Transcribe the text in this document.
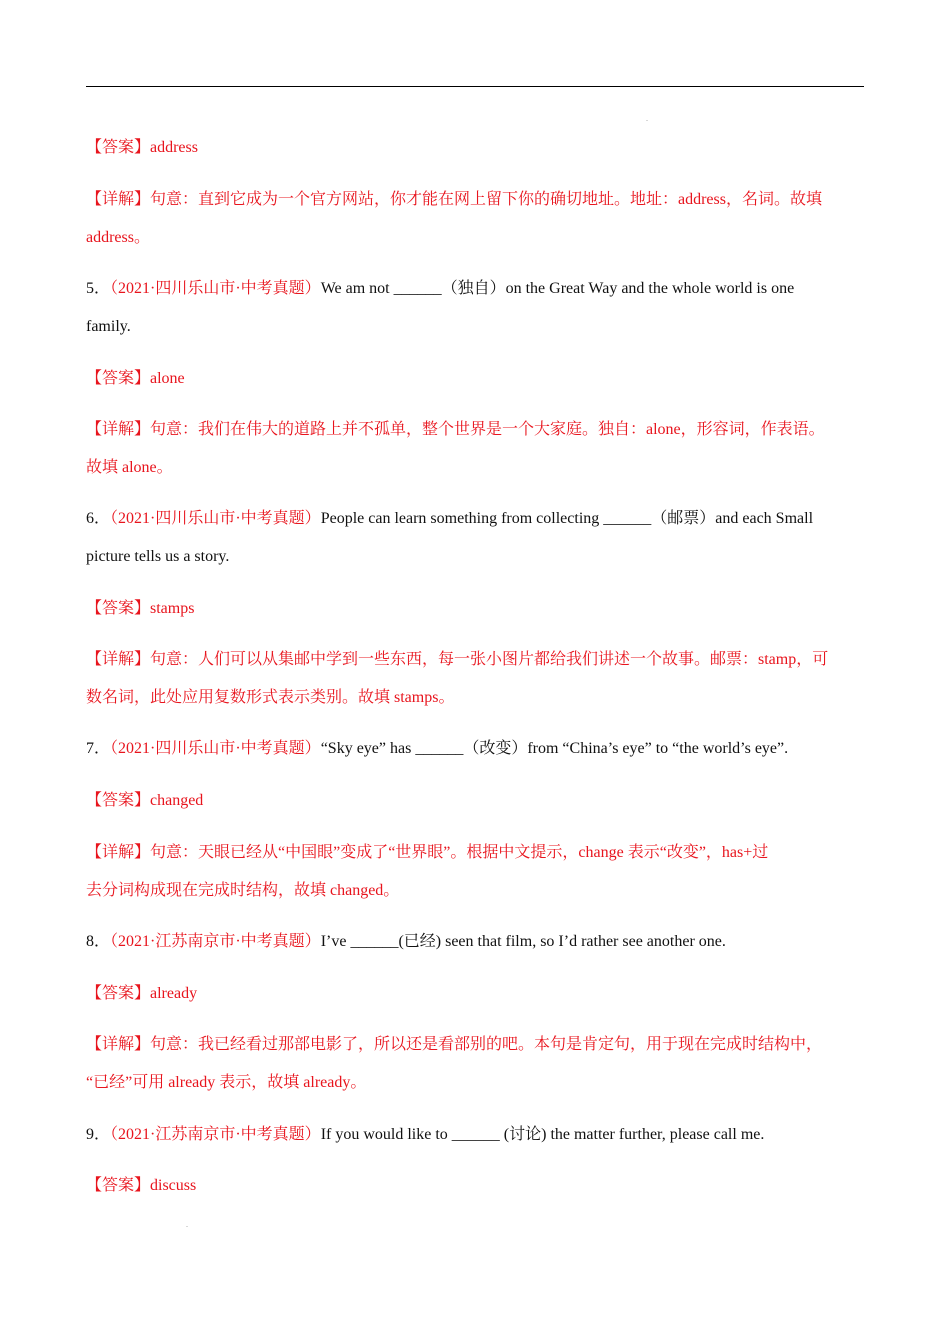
.
【答案】address
【详解】句意：直到它成为一个官方网站，你才能在网上留下你的确切地址。地址：address，名词。故填
address。
5．（2021·四川乐山市·中考真题）We am not ______（独自）on the Great Way and the whole world is one
family.
【答案】alone
【详解】句意：我们在伟大的道路上并不孤单，整个世界是一个大家庭。独自：alone，形容词，作表语。
故填 alone。
6．（2021·四川乐山市·中考真题）People can learn something from collecting ______（邮票）and each Small
picture tells us a story.
【答案】stamps
【详解】句意：人们可以从集邮中学到一些东西，每一张小图片都给我们讲述一个故事。邮票：stamp，可
数名词，此处应用复数形式表示类别。故填 stamps。
7．（2021·四川乐山市·中考真题）“Sky eye” has ______（改变）from “China’s eye” to “the world’s eye”.
【答案】changed
【详解】句意：天眼已经从“中国眼”变成了“世界眼”。根据中文提示，change 表示“改变”，has+过
去分词构成现在完成时结构，故填 changed。
8．（2021·江苏南京市·中考真题）I’ve ______(已经) seen that film, so I’d rather see another one.
【答案】already
【详解】句意：我已经看过那部电影了，所以还是看部别的吧。本句是肯定句，用于现在完成时结构中，
“已经”可用 already 表示，故填 already。
9．（2021·江苏南京市·中考真题）If you would like to ______ (讨论) the matter further, please call me.
【答案】discuss
.
